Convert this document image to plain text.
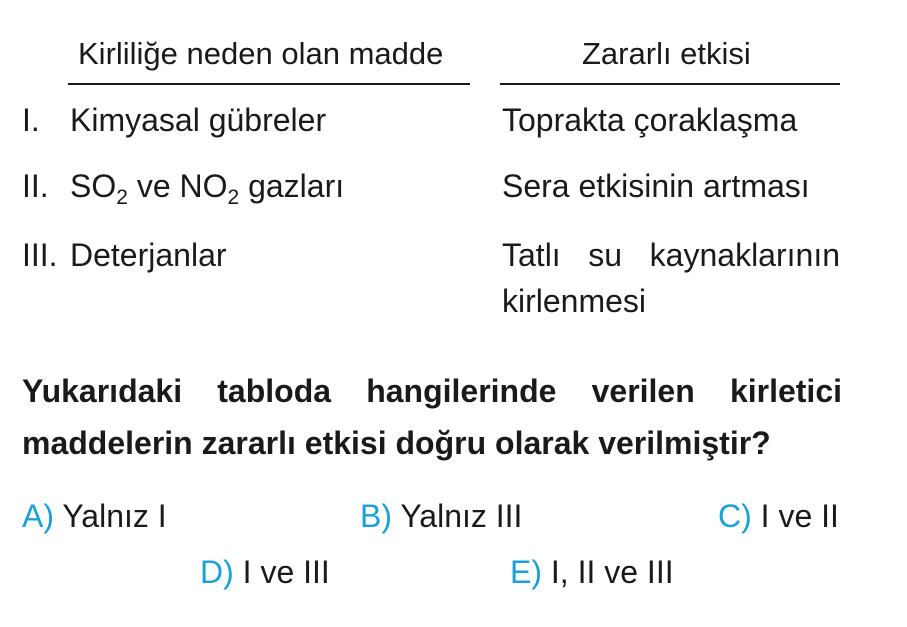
Kirliliğe neden olan madde	Zararlı etkisi
I. Kimyasal gübreler	Toprakta çoraklaşma
II. $SO_2$ ve $NO_2$ gazları	Sera etkisinin artması
III. Deterjanlar	Tatlı su kaynaklarının
kirlenmesi
Yukarıdaki tabloda hangilerinde verilen kirletici maddelerin zararlı etkisi doğru olarak verilmiştir?
A) Yalnız I	B) Yalnız III	C) I ve II
D) I ve III	E) I, II ve III
